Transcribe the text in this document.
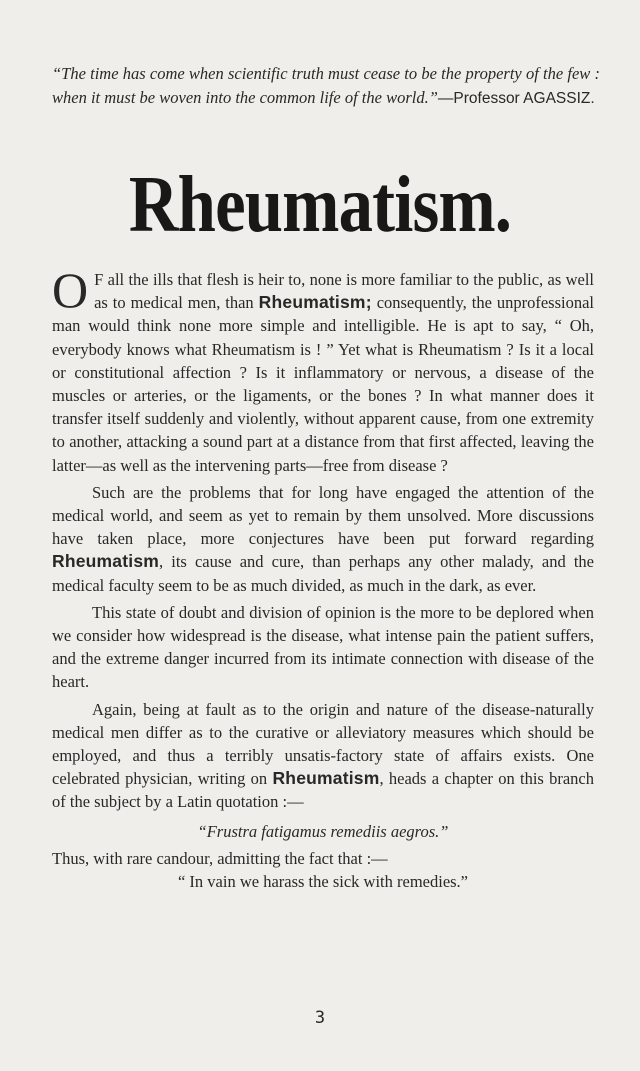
“The time has come when scientific truth must cease to be the property of the few : when it must be woven into the common life of the world.”—Professor AGASSIZ.
Rheumatism.

O F all the ills that flesh is heir to, none is more familiar to the public, as well as to medical men, than Rheumatism; consequently, the unprofessional man would think none more simple and intelligible. He is apt to say, “ Oh, everybody knows what Rheumatism is ! ” Yet what is Rheumatism ? Is it a local or constitutional affection ? Is it inflammatory or nervous, a disease of the muscles or arteries, or the ligaments, or the bones ? In what manner does it transfer itself suddenly and violently, without apparent cause, from one extremity to another, attacking a sound part at a distance from that first affected, leaving the latter—as well as the intervening parts—free from disease ?

Such are the problems that for long have engaged the attention of the medical world, and seem as yet to remain by them unsolved. More discussions have taken place, more conjectures have been put forward regarding Rheumatism, its cause and cure, than perhaps any other malady, and the medical faculty seem to be as much divided, as much in the dark, as ever.

This state of doubt and division of opinion is the more to be deplored when we consider how widespread is the disease, what intense pain the patient suffers, and the extreme danger incurred from its intimate connection with disease of the heart.

Again, being at fault as to the origin and nature of the disease-naturally medical men differ as to the curative or alleviatory measures which should be employed, and thus a terribly unsatis-factory state of affairs exists. One celebrated physician, writing on Rheumatism, heads a chapter on this branch of the subject by a Latin quotation :—

“Frustra fatigamus remediis aegros.”

Thus, with rare candour, admitting the fact that :—

“ In vain we harass the sick with remedies.”

3
